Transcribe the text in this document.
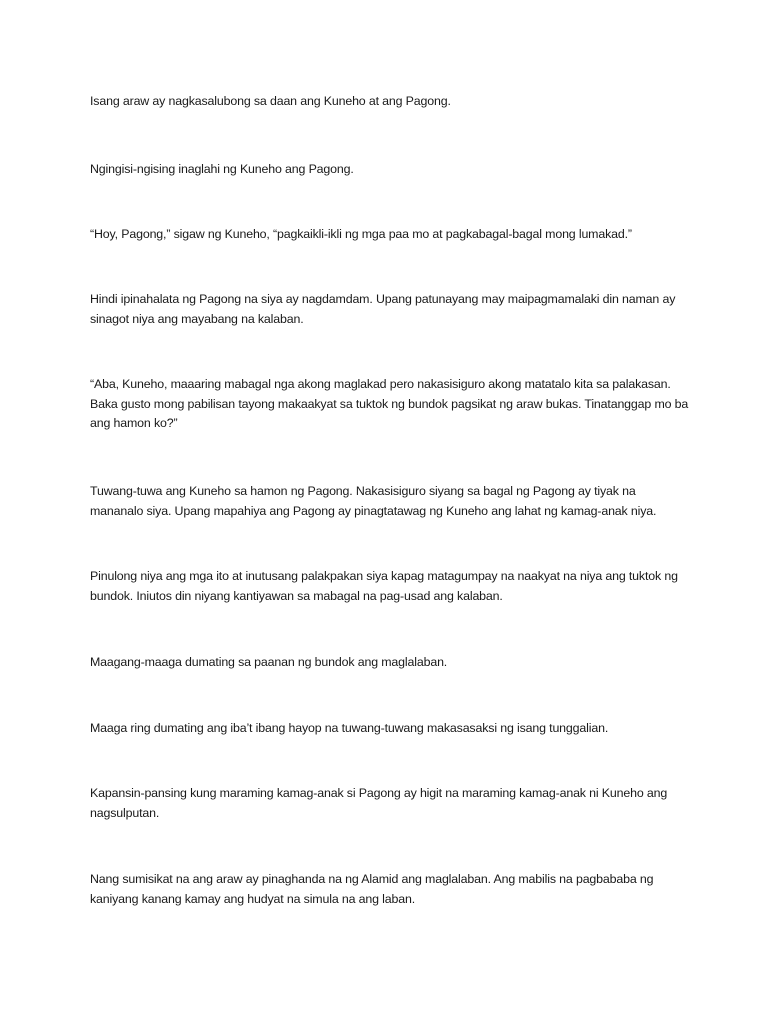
Isang araw ay nagkasalubong sa daan ang Kuneho at ang Pagong.

Ngingisi-ngising inaglahi ng Kuneho ang Pagong.

“Hoy, Pagong,” sigaw ng Kuneho, “pagkaikli-ikli ng mga paa mo at pagkabagal-bagal mong lumakad.”

Hindi ipinahalata ng Pagong na siya ay nagdamdam. Upang patunayang may maipagmamalaki din naman ay sinagot niya ang mayabang na kalaban.

“Aba, Kuneho, maaaring mabagal nga akong maglakad pero nakasisiguro akong matatalo kita sa palakasan. Baka gusto mong pabilisan tayong makaakyat sa tuktok ng bundok pagsikat ng araw bukas. Tinatanggap mo ba ang hamon ko?”

Tuwang-tuwa ang Kuneho sa hamon ng Pagong. Nakasisiguro siyang sa bagal ng Pagong ay tiyak na mananalo siya. Upang mapahiya ang Pagong ay pinagtatawag ng Kuneho ang lahat ng kamag-anak niya.

Pinulong niya ang mga ito at inutusang palakpakan siya kapag matagumpay na naakyat na niya ang tuktok ng bundok. Iniutos din niyang kantiyawan sa mabagal na pag-usad ang kalaban.

Maagang-maaga dumating sa paanan ng bundok ang maglalaban.

Maaga ring dumating ang iba’t ibang hayop na tuwang-tuwang makasasaksi ng isang tunggalian.

Kapansin-pansing kung maraming kamag-anak si Pagong ay higit na maraming kamag-anak ni Kuneho ang nagsulputan.

Nang sumisikat na ang araw ay pinaghanda na ng Alamid ang maglalaban. Ang mabilis na pagbababa ng kaniyang kanang kamay ang hudyat na simula na ang laban.
